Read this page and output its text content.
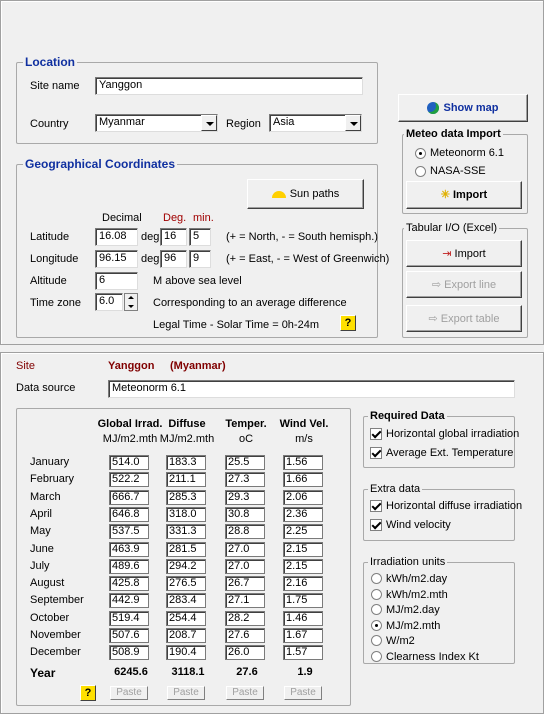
Location
Site name	Yanggon
Country	Myanmar	Region	Asia
Geographical Coordinates
Sun paths
Decimal Deg. min.
Latitude	16.08	deg 16	5	(+ = North, - = South hemisph.)
Longitude	96.15	deg 96	9	(+ = East, - = West of Greenwich)
Altitude	6	M above sea level
Time zone	6.0	Corresponding to an average difference
Legal Time - Solar Time = 0h-24m	?
Show map
Meteo data Import
Meteonorm 6.1
NASA-SSE
✳ Import
Tabular I/O (Excel)
⇥ Import
⇨ Export line
⇨ Export table
Site	Yanggon (Myanmar)
Data source	Meteonorm 6.1
Global Irrad.
MJ/m2.mth
Diffuse
MJ/m2.mth
Temper.
oC
Wind Vel.
m/s
January	514.0	183.3	25.5	1.56
February	522.2	211.1	27.3	1.66
March	666.7	285.3	29.3	2.06
April	646.8	318.0	30.8	2.36
May	537.5	331.3	28.8	2.25
June	463.9	281.5	27.0	2.15
July	489.6	294.2	27.0	2.15
August	425.8	276.5	26.7	2.16
September	442.9	283.4	27.1	1.75
October	519.4	254.4	28.2	1.46
November	507.6	208.7	27.6	1.67
December	508.9	190.4	26.0	1.57
Year	6245.6
Paste
3118.1
Paste
27.6
Paste
1.9
Paste
?
Required Data
Horizontal global irradiation
Average Ext. Temperature
Extra data
Horizontal diffuse irradiation
Wind velocity
Irradiation units
kWh/m2.day
kWh/m2.mth
MJ/m2.day
MJ/m2.mth
W/m2
Clearness Index Kt
